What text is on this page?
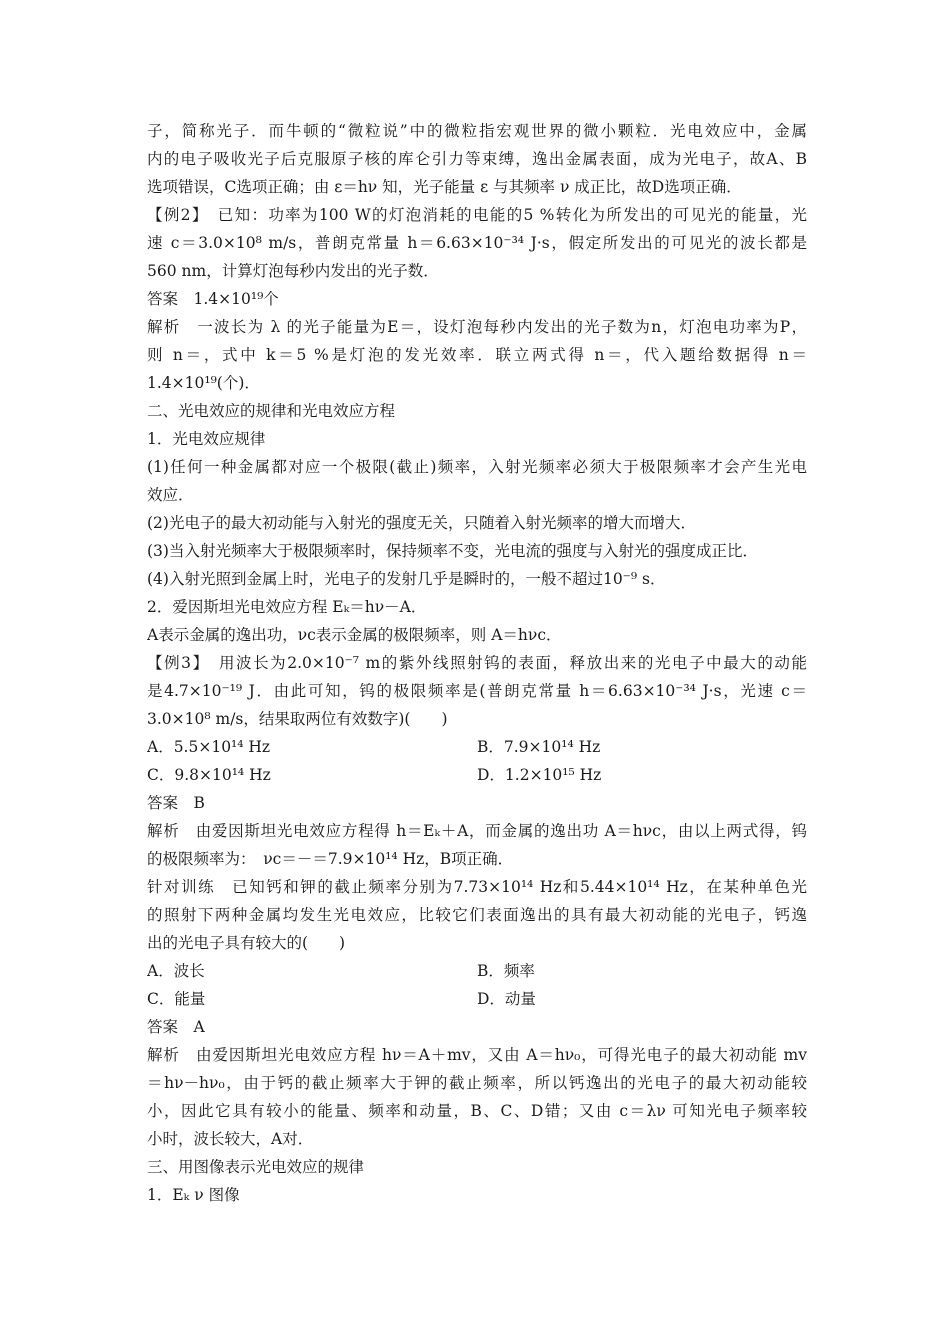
子，简称光子．而牛顿的“微粒说”中的微粒指宏观世界的微小颗粒．光电效应中，金属
内的电子吸收光子后克服原子核的库仑引力等束缚，逸出金属表面，成为光电子，故A、B
选项错误，C选项正确；由 ε＝hν 知，光子能量 ε 与其频率 ν 成正比，故D选项正确．
【例2】　已知：功率为100 W的灯泡消耗的电能的5 %转化为所发出的可见光的能量，光
速 c＝3.0×10⁸ m/s，普朗克常量 h＝6.63×10⁻³⁴ J·s，假定所发出的可见光的波长都是
560 nm，计算灯泡每秒内发出的光子数．
答案　1.4×10¹⁹个
解析　一波长为 λ 的光子能量为E＝，设灯泡每秒内发出的光子数为n，灯泡电功率为P，
则 n＝，式中 k＝5 %是灯泡的发光效率．联立两式得 n＝，代入题给数据得 n＝
1.4×10¹⁹(个)．
二、光电效应的规律和光电效应方程
1．光电效应规律
(1)任何一种金属都对应一个极限(截止)频率，入射光频率必须大于极限频率才会产生光电
效应．
(2)光电子的最大初动能与入射光的强度无关，只随着入射光频率的增大而增大．
(3)当入射光频率大于极限频率时，保持频率不变，光电流的强度与入射光的强度成正比．
(4)入射光照到金属上时，光电子的发射几乎是瞬时的，一般不超过10⁻⁹ s．
2．爱因斯坦光电效应方程 Eₖ＝hν－A．
A表示金属的逸出功，νc表示金属的极限频率，则 A＝hνc．
【例3】　用波长为2.0×10⁻⁷ m的紫外线照射钨的表面，释放出来的光电子中最大的动能
是4.7×10⁻¹⁹ J．由此可知，钨的极限频率是(普朗克常量 h＝6.63×10⁻³⁴ J·s，光速 c＝
3.0×10⁸ m/s，结果取两位有效数字)(　　)
A．5.5×10¹⁴ Hz	B．7.9×10¹⁴ Hz
C．9.8×10¹⁴ Hz	D．1.2×10¹⁵ Hz
答案　B
解析　由爱因斯坦光电效应方程得 h＝Eₖ＋A，而金属的逸出功 A＝hνc，由以上两式得，钨
的极限频率为：　νc＝－＝7.9×10¹⁴ Hz，B项正确．
针对训练　已知钙和钾的截止频率分别为7.73×10¹⁴ Hz和5.44×10¹⁴ Hz，在某种单色光
的照射下两种金属均发生光电效应，比较它们表面逸出的具有最大初动能的光电子，钙逸
出的光电子具有较大的(　　)
A．波长	B．频率
C．能量	D．动量
答案　A
解析　由爱因斯坦光电效应方程 hν＝A＋mv，又由 A＝hν₀，可得光电子的最大初动能 mv
＝hν－hν₀，由于钙的截止频率大于钾的截止频率，所以钙逸出的光电子的最大初动能较
小，因此它具有较小的能量、频率和动量，B、C、D错；又由 c＝λν 可知光电子频率较
小时，波长较大，A对．
三、用图像表示光电效应的规律
1．Eₖ ν 图像
